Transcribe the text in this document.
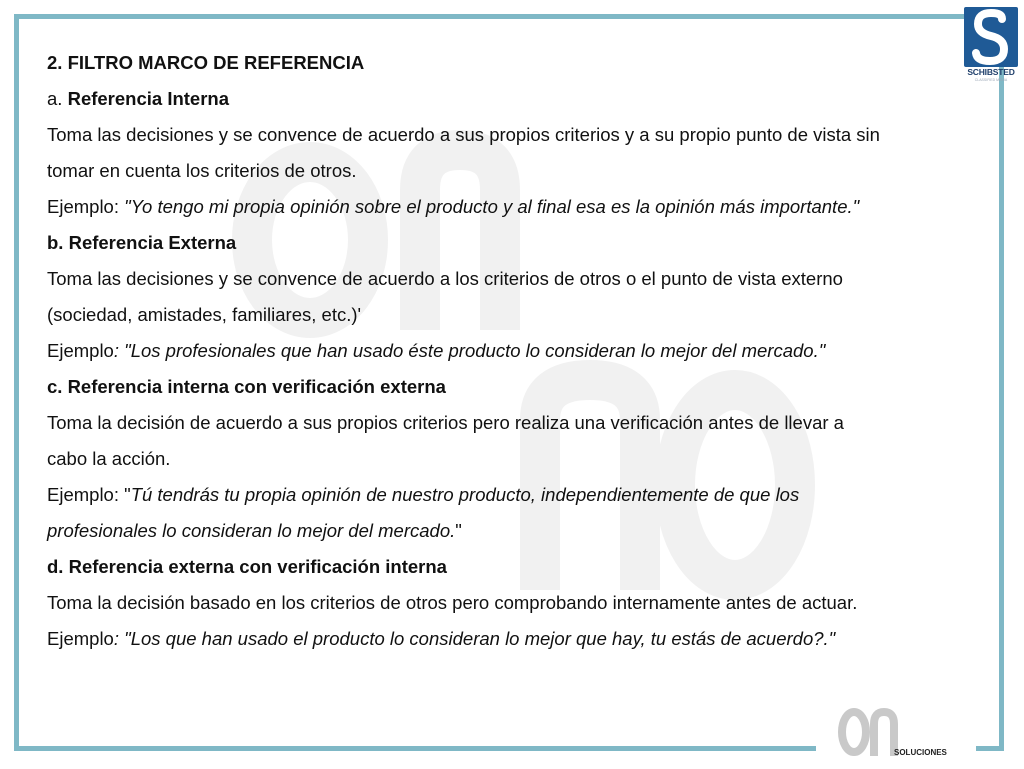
2. FILTRO MARCO DE REFERENCIA
a. Referencia Interna
Toma las decisiones y se convence de acuerdo a sus propios criterios y a su propio punto de vista sin
tomar en cuenta los criterios de otros.
Ejemplo: "Yo tengo mi propia opinión sobre el producto y al final esa es la opinión más importante."
b. Referencia Externa
Toma las decisiones y se convence de acuerdo a los criterios de otros o el punto de vista externo
(sociedad, amistades, familiares, etc.)'
Ejemplo: "Los profesionales que han usado éste producto lo consideran lo mejor del mercado."
c. Referencia interna con verificación externa
Toma la decisión de acuerdo a sus propios criterios pero realiza una verificación antes de llevar a
cabo la acción.
Ejemplo: "Tú tendrás tu propia opinión de nuestro producto, independientemente de que los
profesionales lo consideran lo mejor del mercado."
d. Referencia externa con verificación interna
Toma la decisión basado en los criterios de otros pero comprobando internamente antes de actuar.
Ejemplo: "Los que han usado el producto lo consideran lo mejor que hay, tu estás de acuerdo?."
SCHIBSTED
CLASSIFIED MEDIA
SOLUCIONES
